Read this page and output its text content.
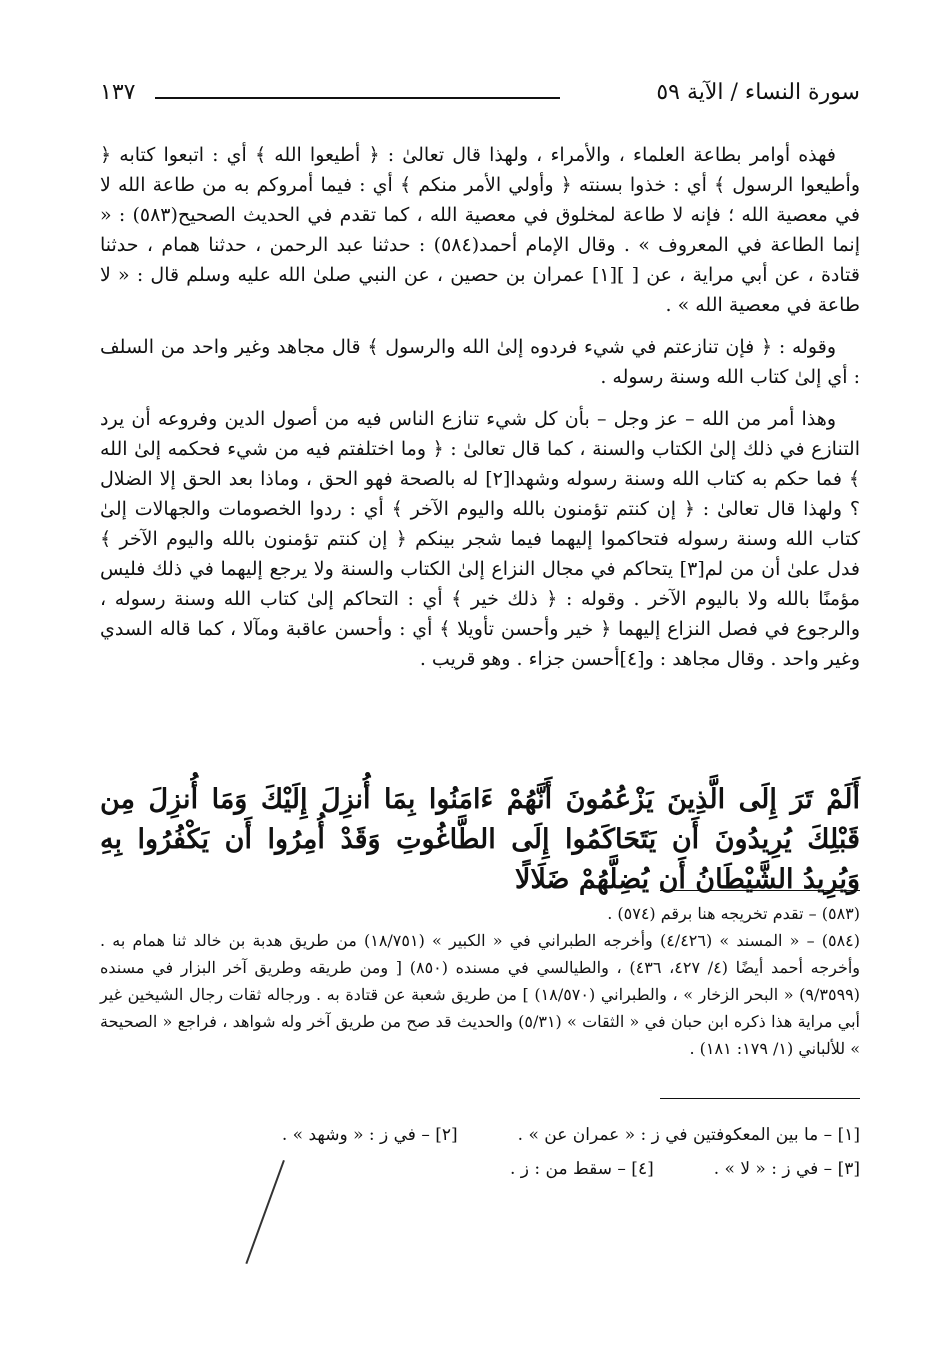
سورة النساء / الآية ٥٩
١٣٧

فهذه أوامر بطاعة العلماء ، والأمراء ، ولهذا قال تعالىٰ : ﴿ أطيعوا الله ﴾ أي : اتبعوا كتابه ﴿ وأطيعوا الرسول ﴾ أي : خذوا بسنته ﴿ وأولي الأمر منكم ﴾ أي : فيما أمروكم به من طاعة الله لا في معصية الله ؛ فإنه لا طاعة لمخلوق في معصية الله ، كما تقدم في الحديث الصحيح(٥٨٣) : « إنما الطاعة في المعروف » . وقال الإمام أحمد(٥٨٤) : حدثنا عبد الرحمن ، حدثنا همام ، حدثنا قتادة ، عن أبي مراية ، عن [ ][١] عمران بن حصين ، عن النبي صلىٰ الله عليه وسلم قال : « لا طاعة في معصية الله » .

وقوله : ﴿ فإن تنازعتم في شيء فردوه إلىٰ الله والرسول ﴾ قال مجاهد وغير واحد من السلف : أي إلىٰ كتاب الله وسنة رسوله .

وهذا أمر من الله – عز وجل – بأن كل شيء تنازع الناس فيه من أصول الدين وفروعه أن يرد التنازع في ذلك إلىٰ الكتاب والسنة ، كما قال تعالىٰ : ﴿ وما اختلفتم فيه من شيء فحكمه إلىٰ الله ﴾ فما حكم به كتاب الله وسنة رسوله وشهدا[٢] له بالصحة فهو الحق ، وماذا بعد الحق إلا الضلال ؟ ولهذا قال تعالىٰ : ﴿ إن كنتم تؤمنون بالله واليوم الآخر ﴾ أي : ردوا الخصومات والجهالات إلىٰ كتاب الله وسنة رسوله فتحاكموا إليهما فيما شجر بينكم ﴿ إن كنتم تؤمنون بالله واليوم الآخر ﴾ فدل علىٰ أن من لم[٣] يتحاكم في مجال النزاع إلىٰ الكتاب والسنة ولا يرجع إليهما في ذلك فليس مؤمنًا بالله ولا باليوم الآخر . وقوله : ﴿ ذلك خير ﴾ أي : التحاكم إلىٰ كتاب الله وسنة رسوله ، والرجوع في فصل النزاع إليهما ﴿ خير وأحسن تأويلا ﴾ أي : وأحسن عاقبة ومآلا ، كما قاله السدي وغير واحد . وقال مجاهد : و[٤]أحسن جزاء . وهو قريب .

أَلَمْ تَرَ إِلَى الَّذِينَ يَزْعُمُونَ أَنَّهُمْ ءَامَنُوا بِمَا أُنزِلَ إِلَيْكَ وَمَا أُنزِلَ مِن قَبْلِكَ يُرِيدُونَ أَن يَتَحَاكَمُوا إِلَى الطَّاغُوتِ وَقَدْ أُمِرُوا أَن يَكْفُرُوا بِهِ وَيُرِيدُ الشَّيْطَانُ أَن يُضِلَّهُمْ ضَلَالًا

(٥٨٣) – تقدم تخريجه هنا برقم (٥٧٤) .

(٥٨٤) – « المسند » (٤/٤٢٦) وأخرجه الطبراني في « الكبير » (١٨/٧٥١) من طريق هدبة بن خالد ثنا همام به . وأخرجه أحمد أيضًا (٤/ ٤٢٧، ٤٣٦) ، والطيالسي في مسنده (٨٥٠) [ ومن طريقه وطريق آخر البزار في مسنده (٩/٣٥٩٩) « البحر الزخار » ، والطبراني (١٨/٥٧٠) ] من طريق شعبة عن قتادة به . ورجاله ثقات رجال الشيخين غير أبي مراية هذا ذكره ابن حبان في « الثقات » (٥/٣١) والحديث قد صح من طريق آخر وله شواهد ، فراجع « الصحيحة » للألباني (١/ ١٧٩: ١٨١) .

[١] – ما بين المعكوفتين في ز : « عمران عن » .
[٢] – في ز : « وشهد » .
[٣] – في ز : « لا » .
[٤] – سقط من : ز .
